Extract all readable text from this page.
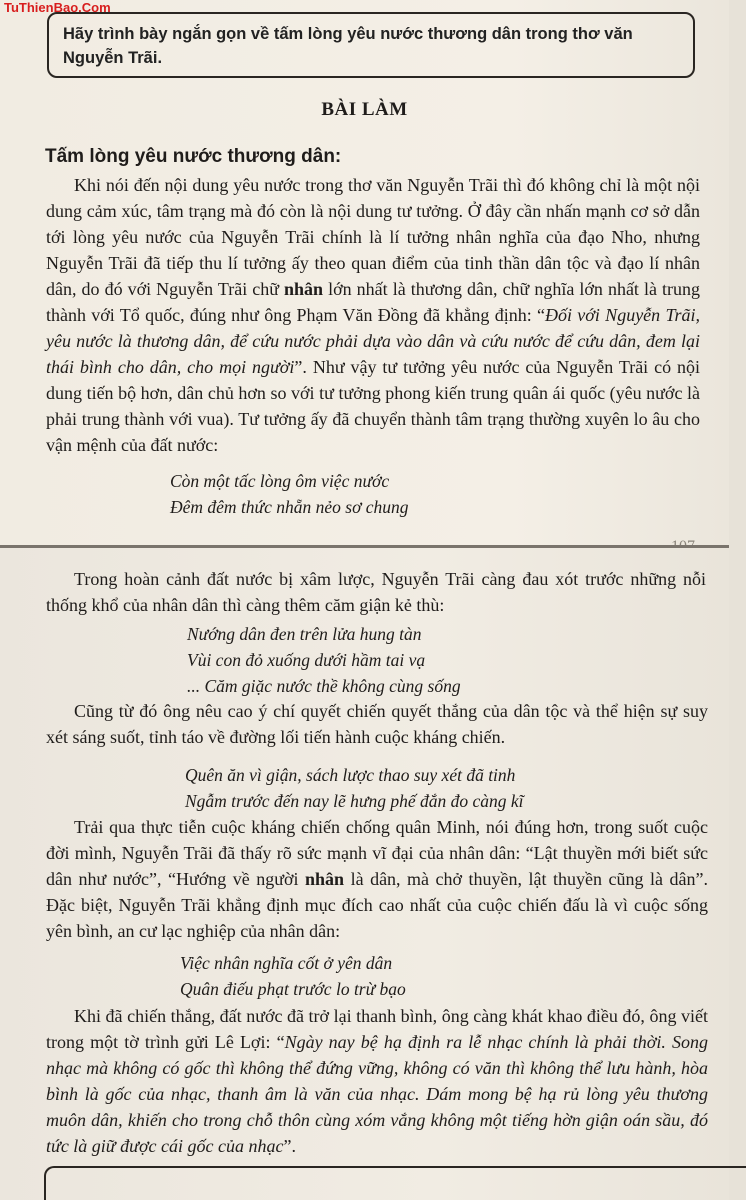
Hãy trình bày ngắn gọn về tấm lòng yêu nước thương dân trong thơ văn Nguyễn Trãi.
BÀI LÀM
Tấm lòng yêu nước thương dân:

Khi nói đến nội dung yêu nước trong thơ văn Nguyễn Trãi thì đó không chỉ là một nội dung cảm xúc, tâm trạng mà đó còn là nội dung tư tưởng. Ở đây cần nhấn mạnh cơ sở dẫn tới lòng yêu nước của Nguyễn Trãi chính là lí tưởng nhân nghĩa của đạo Nho, nhưng Nguyễn Trãi đã tiếp thu lí tưởng ấy theo quan điểm của tinh thần dân tộc và đạo lí nhân dân, do đó với Nguyễn Trãi chữ nhân lớn nhất là thương dân, chữ nghĩa lớn nhất là trung thành với Tổ quốc, đúng như ông Phạm Văn Đồng đã khẳng định: “Đối với Nguyễn Trãi, yêu nước là thương dân, để cứu nước phải dựa vào dân và cứu nước để cứu dân, đem lại thái bình cho dân, cho mọi người”. Như vậy tư tưởng yêu nước của Nguyễn Trãi có nội dung tiến bộ hơn, dân chủ hơn so với tư tưởng phong kiến trung quân ái quốc (yêu nước là phải trung thành với vua). Tư tưởng ấy đã chuyển thành tâm trạng thường xuyên lo âu cho vận mệnh của đất nước:

Còn một tấc lòng ôm việc nước
Đêm đêm thức nhẵn nẻo sơ chung

Trong hoàn cảnh đất nước bị xâm lược, Nguyễn Trãi càng đau xót trước những nỗi thống khổ của nhân dân thì càng thêm căm giận kẻ thù:

Nướng dân đen trên lửa hung tàn
Vùi con đỏ xuống dưới hầm tai vạ
... Căm giặc nước thề không cùng sống

Cũng từ đó ông nêu cao ý chí quyết chiến quyết thắng của dân tộc và thể hiện sự suy xét sáng suốt, tỉnh táo về đường lối tiến hành cuộc kháng chiến.

Quên ăn vì giận, sách lược thao suy xét đã tinh
Ngẫm trước đến nay lẽ hưng phế đắn đo càng kĩ

Trải qua thực tiễn cuộc kháng chiến chống quân Minh, nói đúng hơn, trong suốt cuộc đời mình, Nguyễn Trãi đã thấy rõ sức mạnh vĩ đại của nhân dân: “Lật thuyền mới biết sức dân như nước”, “Hướng về người nhân là dân, mà chở thuyền, lật thuyền cũng là dân”. Đặc biệt, Nguyễn Trãi khẳng định mục đích cao nhất của cuộc chiến đấu là vì cuộc sống yên bình, an cư lạc nghiệp của nhân dân:

Việc nhân nghĩa cốt ở yên dân
Quân điếu phạt trước lo trừ bạo

Khi đã chiến thắng, đất nước đã trở lại thanh bình, ông càng khát khao điều đó, ông viết trong một tờ trình gửi Lê Lợi: “Ngày nay bệ hạ định ra lễ nhạc chính là phải thời. Song nhạc mà không có gốc thì không thể đứng vững, không có văn thì không thể lưu hành, hòa bình là gốc của nhạc, thanh âm là văn của nhạc. Dám mong bệ hạ rủ lòng yêu thương muôn dân, khiến cho trong chỗ thôn cùng xóm vắng không một tiếng hờn giận oán sầu, đó tức là giữ được cái gốc của nhạc”.

TuThienBao.Com
